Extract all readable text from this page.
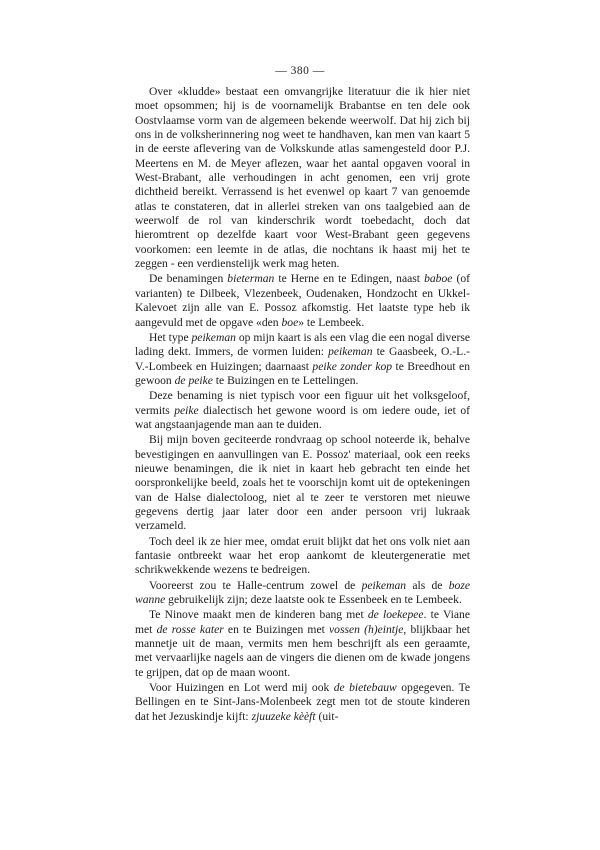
— 380 —

Over «kludde» bestaat een omvangrijke literatuur die ik hier niet moet opsommen; hij is de voornamelijk Brabantse en ten dele ook Oostvlaamse vorm van de algemeen bekende weerwolf. Dat hij zich bij ons in de volksherinnering nog weet te handhaven, kan men van kaart 5 in de eerste aflevering van de Volkskunde atlas samengesteld door P.J. Meertens en M. de Meyer aflezen, waar het aantal opgaven vooral in West-Brabant, alle verhoudingen in acht genomen, een vrij grote dichtheid bereikt. Verrassend is het evenwel op kaart 7 van genoemde atlas te constateren, dat in allerlei streken van ons taalgebied aan de weerwolf de rol van kinderschrik wordt toebedacht, doch dat hieromtrent op dezelfde kaart voor West-Brabant geen gegevens voorkomen: een leemte in de atlas, die nochtans ik haast mij het te zeggen - een verdienstelijk werk mag heten.

De benamingen bieterman te Herne en te Edingen, naast baboe (of varianten) te Dilbeek, Vlezenbeek, Oudenaken, Hondzocht en Ukkel-Kalevoet zijn alle van E. Possoz afkomstig. Het laatste type heb ik aangevuld met de opgave «den boe» te Lembeek.

Het type peikeman op mijn kaart is als een vlag die een nogal diverse lading dekt. Immers, de vormen luiden: peikeman te Gaasbeek, O.-L.-V.-Lombeek en Huizingen; daarnaast peike zonder kop te Breedhout en gewoon de peike te Buizingen en te Lettelingen.

Deze benaming is niet typisch voor een figuur uit het volksgeloof, vermits peike dialectisch het gewone woord is om iedere oude, iet of wat angstaanjagende man aan te duiden.

Bij mijn boven geciteerde rondvraag op school noteerde ik, behalve bevestigingen en aanvullingen van E. Possoz' materiaal, ook een reeks nieuwe benamingen, die ik niet in kaart heb gebracht ten einde het oorspronkelijke beeld, zoals het te voorschijn komt uit de optekeningen van de Halse dialectoloog, niet al te zeer te verstoren met nieuwe gegevens dertig jaar later door een ander persoon vrij lukraak verzameld.

Toch deel ik ze hier mee, omdat eruit blijkt dat het ons volk niet aan fantasie ontbreekt waar het erop aankomt de kleutergeneratie met schrikwekkende wezens te bedreigen.

Vooreerst zou te Halle-centrum zowel de peikeman als de boze wanne gebruikelijk zijn; deze laatste ook te Essenbeek en te Lembeek.

Te Ninove maakt men de kinderen bang met de loekepee. te Viane met de rosse kater en te Buizingen met vossen (h)eintje, blijkbaar het mannetje uit de maan, vermits men hem beschrijft als een geraamte, met vervaarlijke nagels aan de vingers die dienen om de kwade jongens te grijpen, dat op de maan woont.

Voor Huizingen en Lot werd mij ook de bietebauw opgegeven. Te Bellingen en te Sint-Jans-Molenbeek zegt men tot de stoute kinderen dat het Jezuskindje kijft: zjuuzeke kèèft (uit-
